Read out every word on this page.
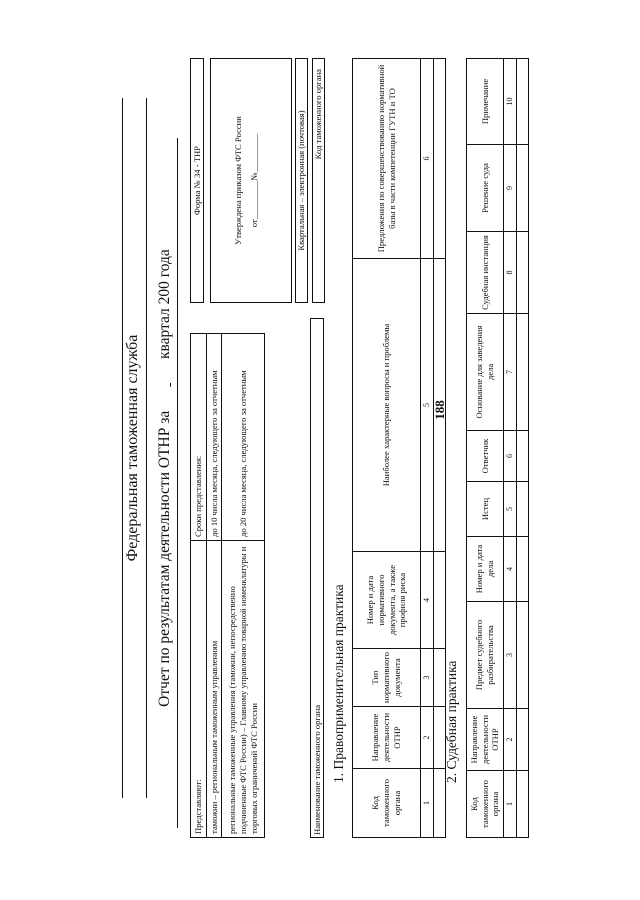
188
Федеральная таможенная служба Отчет по результатам деятельности ОТНР за   квартал 200 года
Представляют:	Сроки представления:
таможни – региональным таможенным управлениям	до 10 числа месяца, следующего за отчетным
региональные таможенные управления (таможни, непосредственно подчиненные ФТС России) – Главному управлению товарной номенклатуры и торговых ограничений ФТС России	до 20 числа месяца, следующего за отчетным
Форма № 34 - ТНР	Утверждена приказом ФТС России от_________№_________	Квартальная – электронная (почтовая) Код таможенного органа
Наименование таможенного органа 1. Правоприменительная практика
Код таможенного органа	Направление деятельности ОТНР	Тип нормативного документа	Номер и дата нормативного документа, а также профиля риска	Наиболее характерные вопросы и проблемы	Предложения по совершенствованию нормативной базы в части компетенции ГУТН и ТО
1	2	3	4	5	6

2. Судебная практика
Код таможенного органа	Направление деятельности ОТНР	Предмет судебного разбирательства	Номер и дата дела	Истец	Ответчик	Основание для заведения дела	Судебная инстанция	Решение суда	Примечание
1	2	3	4	5	6	7	8	9	10
